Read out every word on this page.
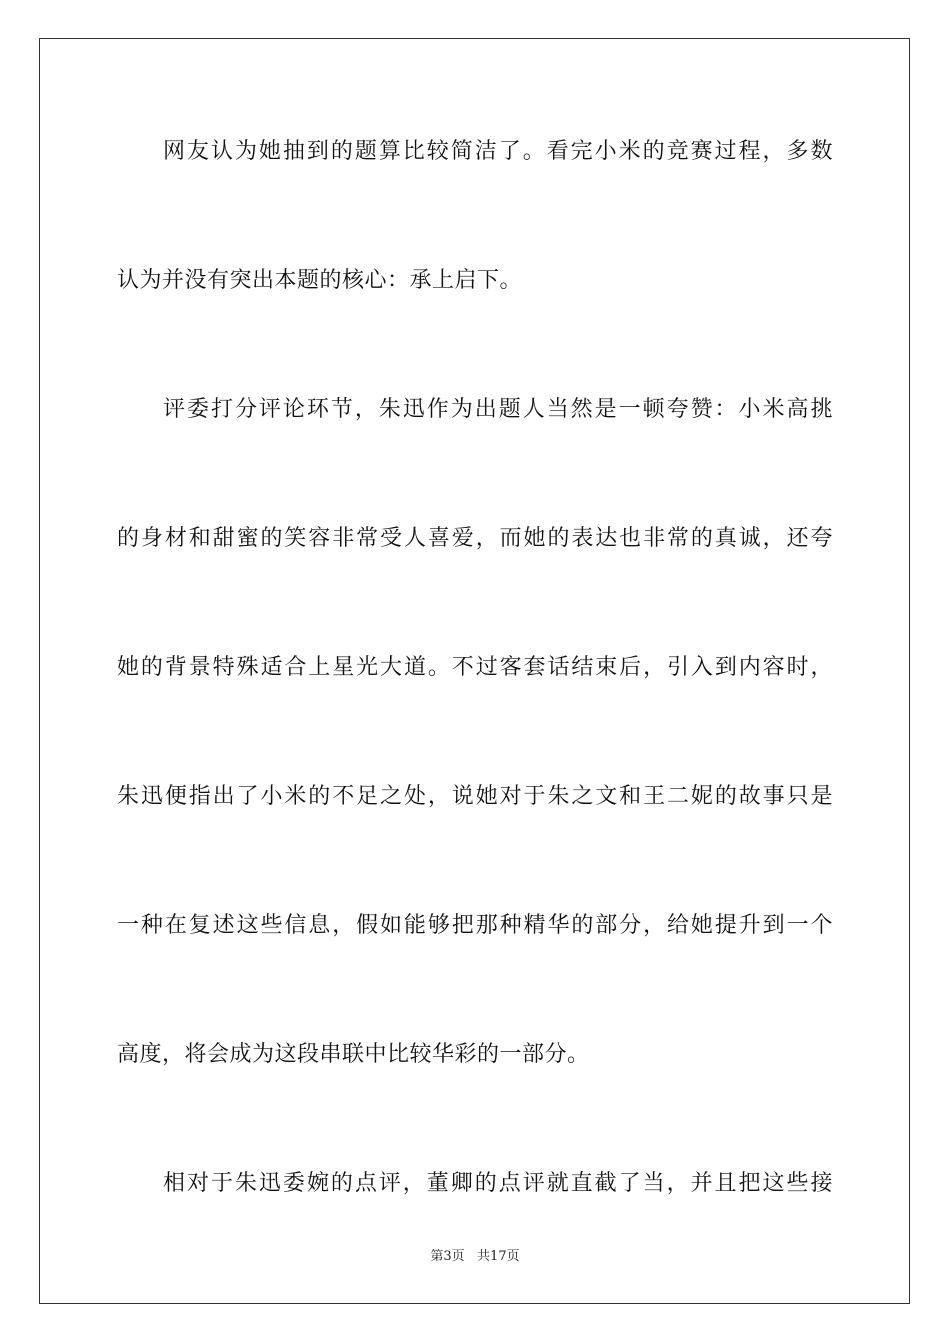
网友认为她抽到的题算比较简洁了。看完小米的竞赛过程，多数
认为并没有突出本题的核心：承上启下。
评委打分评论环节，朱迅作为出题人当然是一顿夸赞：小米高挑
的身材和甜蜜的笑容非常受人喜爱，而她的表达也非常的真诚，还夸
她的背景特殊适合上星光大道。不过客套话结束后，引入到内容时，
朱迅便指出了小米的不足之处，说她对于朱之文和王二妮的故事只是
一种在复述这些信息，假如能够把那种精华的部分，给她提升到一个
高度，将会成为这段串联中比较华彩的一部分。
相对于朱迅委婉的点评，董卿的点评就直截了当，并且把这些接
第3页   共17页
